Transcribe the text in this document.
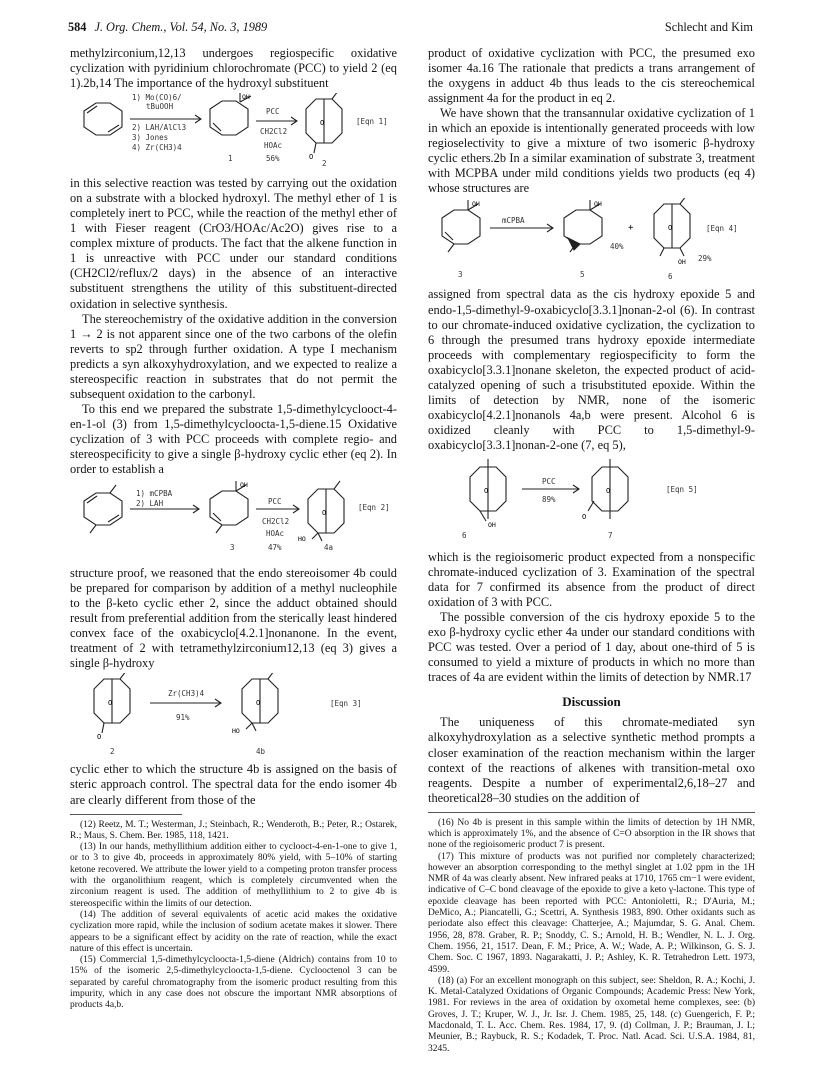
584 J. Org. Chem., Vol. 54, No. 3, 1989	Schlecht and Kim

methylzirconium,12,13 undergoes regiospecific oxidative cyclization with pyridinium chlorochromate (PCC) to yield 2 (eq 1).2b,14 The importance of the hydroxyl substituent

OH
O
O
1) Mo(CO)6/
tBuOOH
2) LAH/AlCl3
3) Jones
4) Zr(CH3)4
PCC
CH2Cl2
HOAc
56%
1
2
[Eqn 1]

in this selective reaction was tested by carrying out the oxidation on a substrate with a blocked hydroxyl. The methyl ether of 1 is completely inert to PCC, while the reaction of the methyl ether of 1 with Fieser reagent (CrO3/HOAc/Ac2O) gives rise to a complex mixture of products. The fact that the alkene function in 1 is unreactive with PCC under our standard conditions (CH2Cl2/reflux/2 days) in the absence of an interactive substituent strengthens the utility of this substituent-directed oxidation in selective synthesis.

The stereochemistry of the oxidative addition in the conversion 1 → 2 is not apparent since one of the two carbons of the olefin reverts to sp2 through further oxidation. A type I mechanism predicts a syn alkoxyhydroxylation, and we expected to realize a stereospecific reaction in substrates that do not permit the subsequent oxidation to the carbonyl.

To this end we prepared the substrate 1,5-dimethylcyclooct-4-en-1-ol (3) from 1,5-dimethylcycloocta-1,5-diene.15 Oxidative cyclization of 3 with PCC proceeds with complete regio- and stereospecificity to give a single β-hydroxy cyclic ether (eq 2). In order to establish a

OH
O
HO
1) mCPBA
2) LAH	PCC
CH2Cl2
HOAc
47%
3	4a
[Eqn 2]

structure proof, we reasoned that the endo stereoisomer 4b could be prepared for comparison by addition of a methyl nucleophile to the β-keto cyclic ether 2, since the adduct obtained should result from preferential addition from the sterically least hindered convex face of the oxabicyclo[4.2.1]nonanone. In the event, treatment of 2 with tetramethylzirconium12,13 (eq 3) gives a single β-hydroxy

O
O
O
HO
Zr(CH3)4
91%
2	4b
[Eqn 3]

cyclic ether to which the structure 4b is assigned on the basis of steric approach control. The spectral data for the endo isomer 4b are clearly different from those of the

(12) Reetz, M. T.; Westerman, J.; Steinbach, R.; Wenderoth, B.; Peter, R.; Ostarek, R.; Maus, S. Chem. Ber. 1985, 118, 1421.

(13) In our hands, methyllithium addition either to cyclooct-4-en-1-one to give 1, or to 3 to give 4b, proceeds in approximately 80% yield, with 5–10% of starting ketone recovered. We attribute the lower yield to a competing proton transfer process with the organolithium reagent, which is completely circumvented when the zirconium reagent is used. The addition of methyllithium to 2 to give 4b is stereospecific within the limits of our detection.

(14) The addition of several equivalents of acetic acid makes the oxidative cyclization more rapid, while the inclusion of sodium acetate makes it slower. There appears to be a significant effect by acidity on the rate of reaction, while the exact nature of this effect is uncertain.

(15) Commercial 1,5-dimethylcycloocta-1,5-diene (Aldrich) contains from 10 to 15% of the isomeric 2,5-dimethylcycloocta-1,5-diene. Cyclooctenol 3 can be separated by careful chromatography from the isomeric product resulting from this impurity, which in any case does not obscure the important NMR absorptions of products 4a,b.

product of oxidative cyclization with PCC, the presumed exo isomer 4a.16 The rationale that predicts a trans arrangement of the oxygens in adduct 4b thus leads to the cis stereochemical assignment 4a for the product in eq 2.

We have shown that the transannular oxidative cyclization of 1 in which an epoxide is intentionally generated proceeds with low regioselectivity to give a mixture of two isomeric β-hydroxy cyclic ethers.2b In a similar examination of substrate 3, treatment with MCPBA under mild conditions yields two products (eq 4) whose structures are

OH	OH
+	O
OH
mCPBA
40%
29%
3	5	6
[Eqn 4]

assigned from spectral data as the cis hydroxy epoxide 5 and endo-1,5-dimethyl-9-oxabicyclo[3.3.1]nonan-2-ol (6). In contrast to our chromate-induced oxidative cyclization, the cyclization to 6 through the presumed trans hydroxy epoxide intermediate proceeds with complementary regiospecificity to form the oxabicyclo[3.3.1]nonane skeleton, the expected product of acid-catalyzed opening of such a trisubstituted epoxide. Within the limits of detection by NMR, none of the isomeric oxabicyclo[4.2.1]nonanols 4a,b were present. Alcohol 6 is oxidized cleanly with PCC to 1,5-dimethyl-9-oxabicyclo[3.3.1]nonan-2-one (7, eq 5),

O
OH
O
O
PCC
89%
6	7
[Eqn 5]

which is the regioisomeric product expected from a nonspecific chromate-induced cyclization of 3. Examination of the spectral data for 7 confirmed its absence from the product of direct oxidation of 3 with PCC.

The possible conversion of the cis hydroxy epoxide 5 to the exo β-hydroxy cyclic ether 4a under our standard conditions with PCC was tested. Over a period of 1 day, about one-third of 5 is consumed to yield a mixture of products in which no more than traces of 4a are evident within the limits of detection by NMR.17

Discussion

The uniqueness of this chromate-mediated syn alkoxyhydroxylation as a selective synthetic method prompts a closer examination of the reaction mechanism within the larger context of the reactions of alkenes with transition-metal oxo reagents. Despite a number of experimental2,6,18–27 and theoretical28–30 studies on the addition of

(16) No 4b is present in this sample within the limits of detection by 1H NMR, which is approximately 1%, and the absence of C=O absorption in the IR shows that none of the regioisomeric product 7 is present.

(17) This mixture of products was not purified nor completely characterized; however an absorption corresponding to the methyl singlet at 1.02 ppm in the 1H NMR of 4a was clearly absent. New infrared peaks at 1710, 1765 cm−1 were evident, indicative of C–C bond cleavage of the epoxide to give a keto γ-lactone. This type of epoxide cleavage has been reported with PCC: Antonioletti, R.; D'Auria, M.; DeMico, A.; Piancatelli, G.; Scettri, A. Synthesis 1983, 890. Other oxidants such as periodate also effect this cleavage: Chatterjee, A.; Majumdar, S. G. Anal. Chem. 1956, 28, 878. Graber, R. P.; Snoddy, C. S.; Arnold, H. B.; Wendler, N. L. J. Org. Chem. 1956, 21, 1517. Dean, F. M.; Price, A. W.; Wade, A. P.; Wilkinson, G. S. J. Chem. Soc. C 1967, 1893. Nagarakatti, J. P.; Ashley, K. R. Tetrahedron Lett. 1973, 4599.

(18) (a) For an excellent monograph on this subject, see: Sheldon, R. A.; Kochi, J. K. Metal-Catalyzed Oxidations of Organic Compounds; Academic Press: New York, 1981. For reviews in the area of oxidation by oxometal heme complexes, see: (b) Groves, J. T.; Kruper, W. J., Jr. Isr. J. Chem. 1985, 25, 148. (c) Guengerich, F. P.; Macdonald, T. L. Acc. Chem. Res. 1984, 17, 9. (d) Collman, J. P.; Brauman, J. I.; Meunier, B.; Raybuck, R. S.; Kodadek, T. Proc. Natl. Acad. Sci. U.S.A. 1984, 81, 3245.
